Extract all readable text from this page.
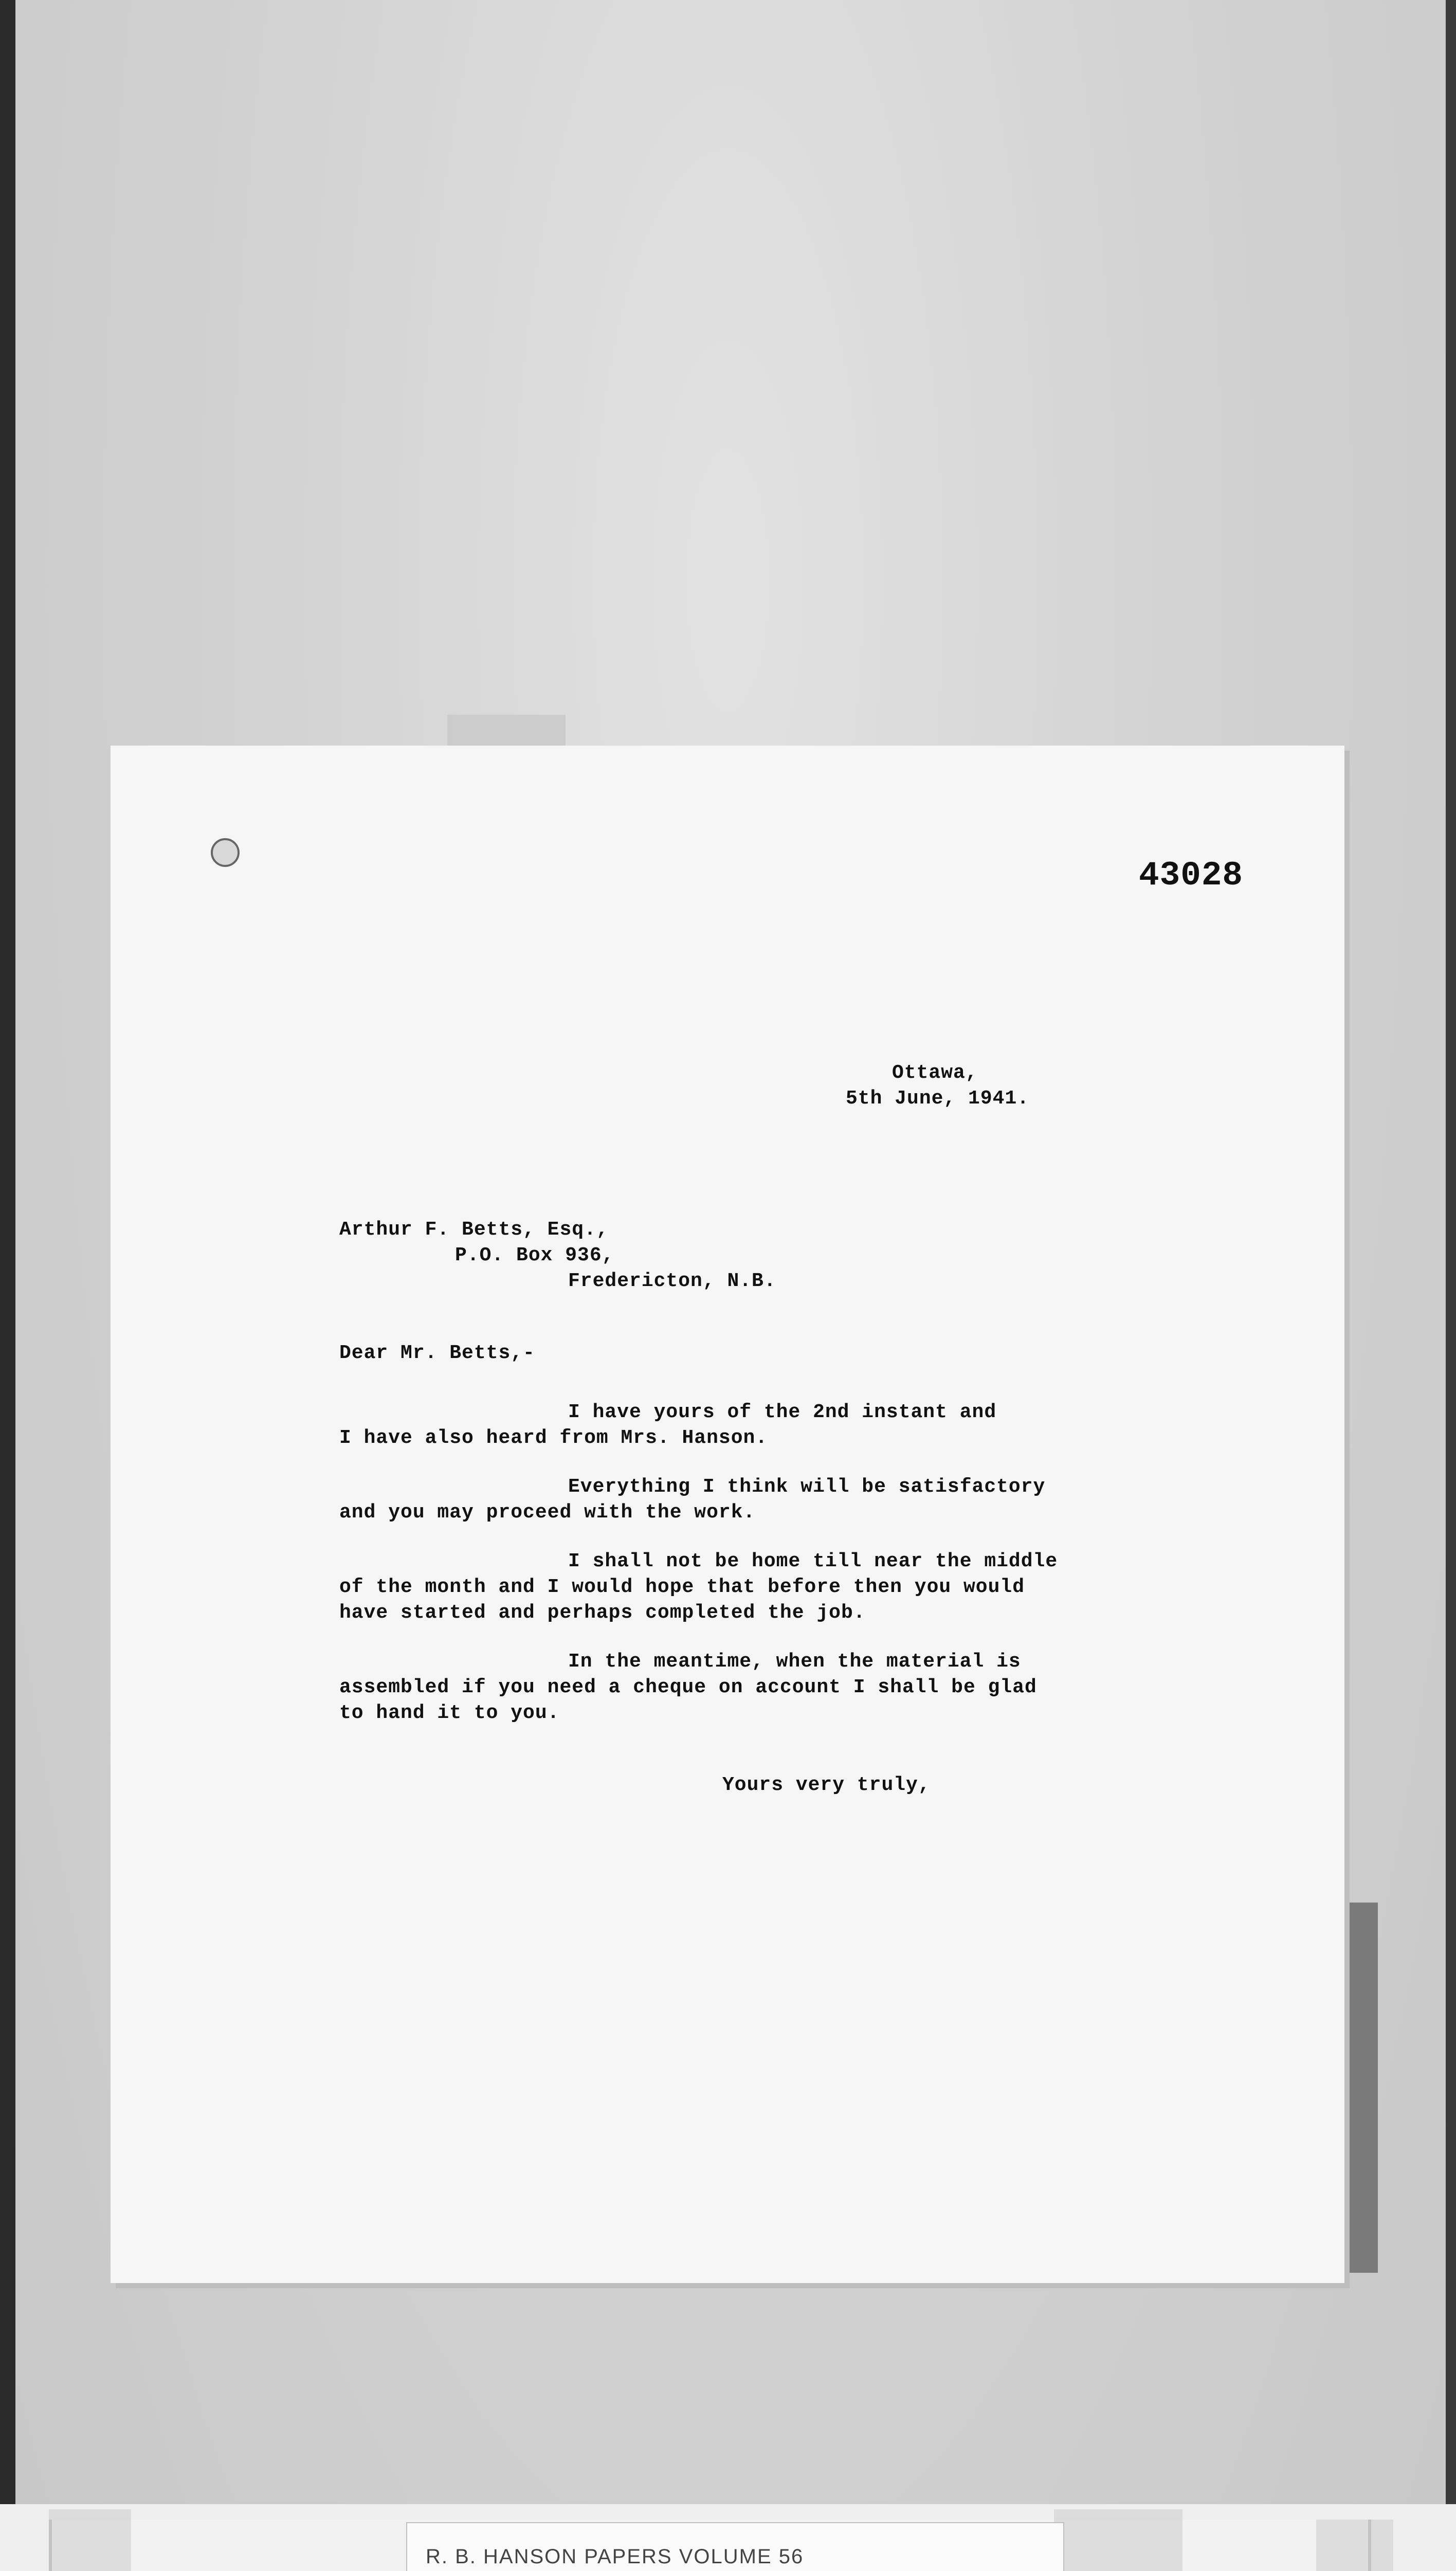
43028
Ottawa,
5th June, 1941.
Arthur F. Betts, Esq.,
P.O. Box 936,
Fredericton, N.B.
Dear Mr. Betts,-
I have yours of the 2nd instant and
I have also heard from Mrs. Hanson.
Everything I think will be satisfactory
and you may proceed with the work.
I shall not be home till near the middle
of the month and I would hope that before then you would
have started and perhaps completed the job.
In the meantime, when the material is
assembled if you need a cheque on account I shall be glad
to hand it to you.
Yours very truly,
R. B. HANSON PAPERS VOLUME 56
